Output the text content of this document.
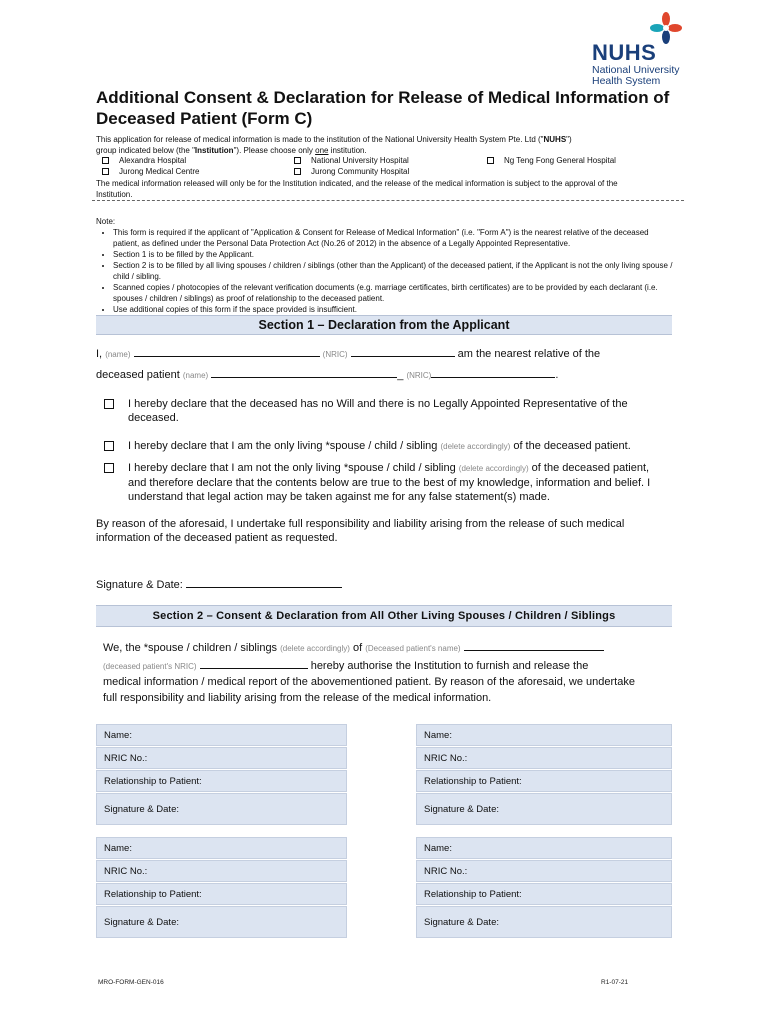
NUHS
National University
Health System
Additional Consent & Declaration for Release of Medical Information of
Deceased Patient (Form C)
This application for release of medical information is made to the institution of the National University Health System Pte. Ltd ("NUHS")
group indicated below (the "Institution"). Please choose only one institution.
Alexandra Hospital	National University Hospital	Ng Teng Fong General Hospital
Jurong Medical Centre	Jurong Community Hospital
The medical information released will only be for the Institution indicated, and the release of the medical information is subject to the approval of the
Institution.
Note:
• This form is required if the applicant of "Application & Consent for Release of Medical Information" (i.e. "Form A") is the nearest relative of the deceased patient, as defined under the Personal Data Protection Act (No.26 of 2012) in the absence of a Legally Appointed Representative.
• Section 1 is to be filled by the Applicant.
• Section 2 is to be filled by all living spouses / children / siblings (other than the Applicant) of the deceased patient, if the Applicant is not the only living spouse / child / sibling.
• Scanned copies / photocopies of the relevant verification documents (e.g. marriage certificates, birth certificates) are to be provided by each declarant (i.e. spouses / children / siblings) as proof of relationship to the deceased patient.
• Use additional copies of this form if the space provided is insufficient.
Section 1 – Declaration from the Applicant
I, (name)	(NRIC)	am the nearest relative of the
deceased patient (name)	_ (NRIC)	.
I hereby declare that the deceased has no Will and there is no Legally Appointed Representative of the deceased.
I hereby declare that I am the only living *spouse / child / sibling (delete accordingly) of the deceased patient.
I hereby declare that I am not the only living *spouse / child / sibling (delete accordingly) of the deceased patient, and therefore declare that the contents below are true to the best of my knowledge, information and belief. I understand that legal action may be taken against me for any false statement(s) made.
By reason of the aforesaid, I undertake full responsibility and liability arising from the release of such medical information of the deceased patient as requested.
Signature & Date:
Section 2 – Consent & Declaration from All Other Living Spouses / Children / Siblings
We, the *spouse / children / siblings (delete accordingly) of (Deceased patient's name)
(deceased patient's NRIC)	hereby authorise the Institution to furnish and release the
medical information / medical report of the abovementioned patient. By reason of the aforesaid, we undertake
full responsibility and liability arising from the release of the medical information.
Name:	Name:
NRIC No.:	NRIC No.:
Relationship to Patient:	Relationship to Patient:
Signature & Date:	Signature & Date:
Name:	Name:
NRIC No.:	NRIC No.:
Relationship to Patient:	Relationship to Patient:
Signature & Date:	Signature & Date:
MRO-FORM-GEN-016	R1-07-21
